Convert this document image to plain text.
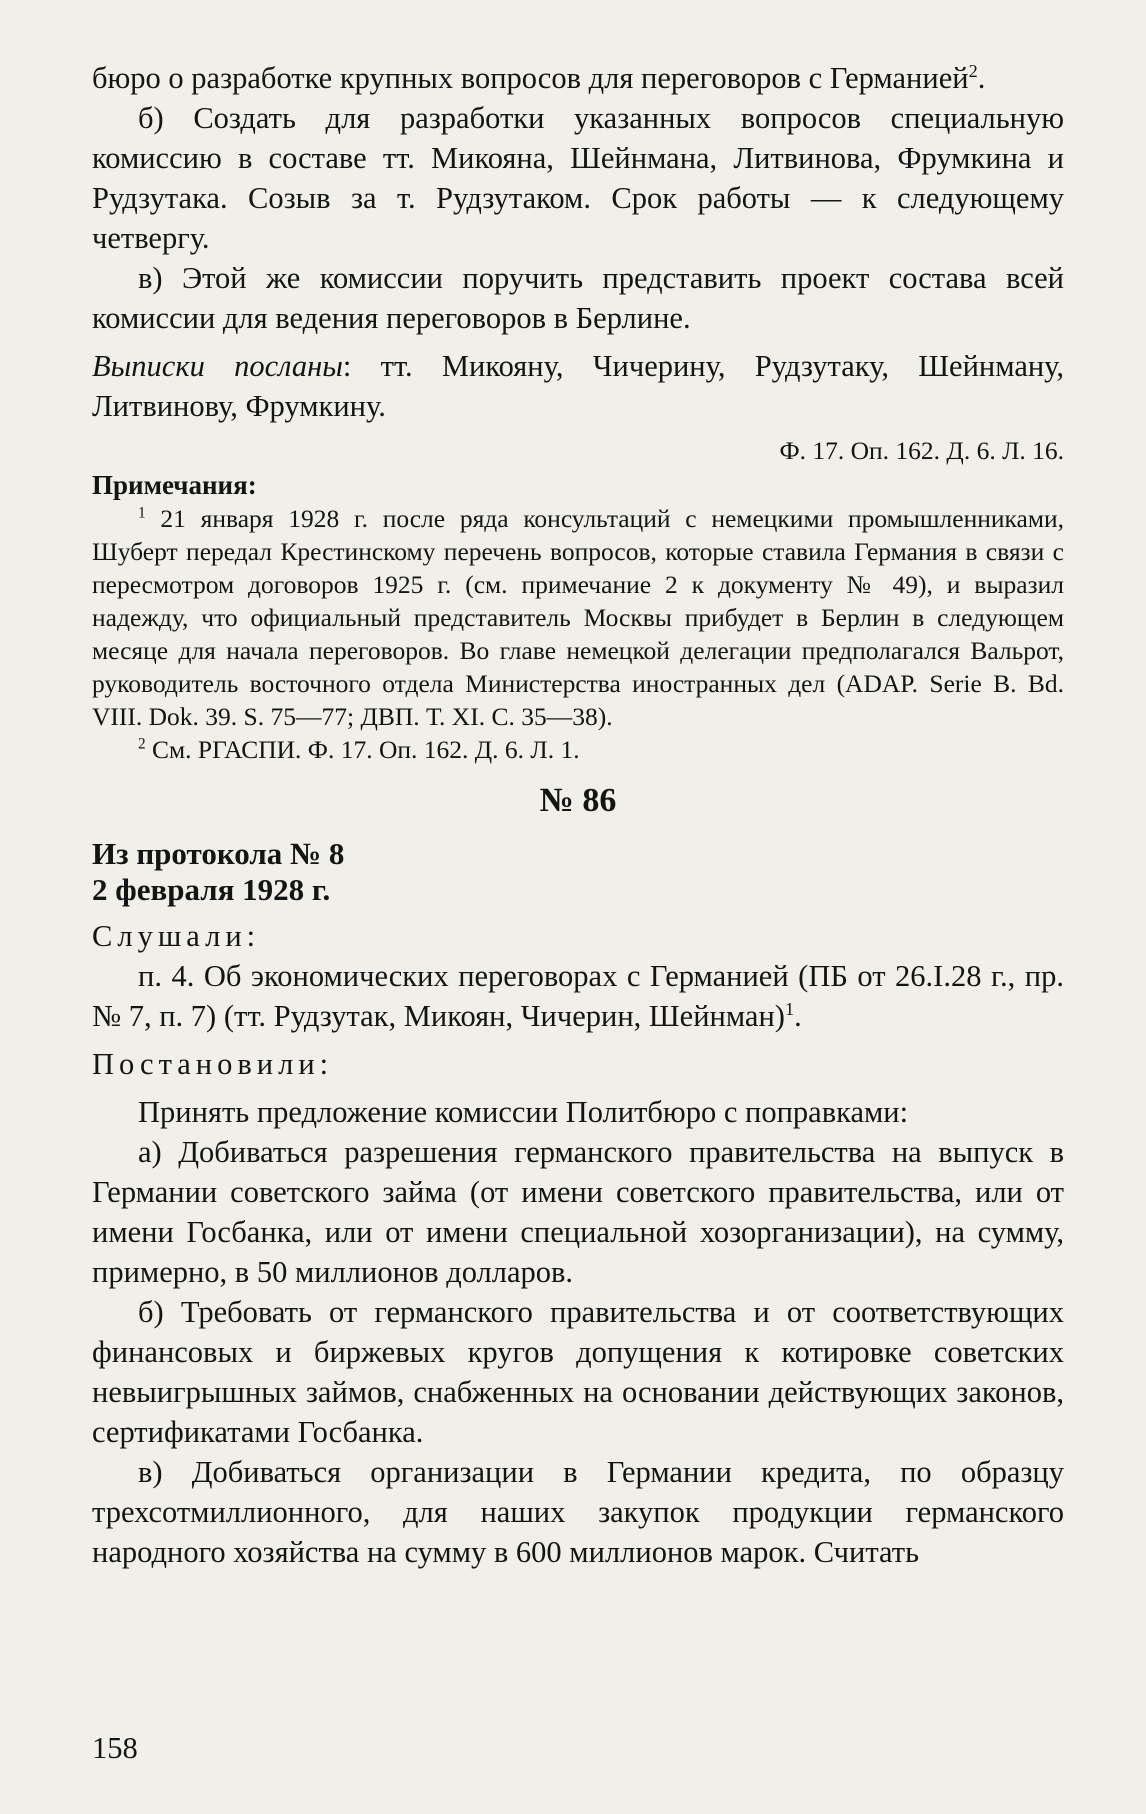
бюро о разработке крупных вопросов для переговоров с Германией$^2$.

б) Создать для разработки указанных вопросов специальную комиссию в составе тт. Микояна, Шейнмана, Литвинова, Фрумкина и Рудзутака. Созыв за т. Рудзутаком. Срок работы — к следующему четвергу.

в) Этой же комиссии поручить представить проект состава всей комиссии для ведения переговоров в Берлине.

Выписки посланы: тт. Микояну, Чичерину, Рудзутаку, Шейнману, Литвинову, Фрумкину.

Ф. 17. Оп. 162. Д. 6. Л. 16.

Примечания:

$^1$ 21 января 1928 г. после ряда консультаций с немецкими промышленниками, Шуберт передал Крестинскому перечень вопросов, которые ставила Германия в связи с пересмотром договоров 1925 г. (см. примечание 2 к документу № 49), и выразил надежду, что официальный представитель Москвы прибудет в Берлин в следующем месяце для начала переговоров. Во главе немецкой делегации предполагался Вальрот, руководитель восточного отдела Министерства иностранных дел (ADAP. Serie B. Bd. VIII. Dok. 39. S. 75—77; ДВП. Т. XI. С. 35—38).

$^2$ См. РГАСПИ. Ф. 17. Оп. 162. Д. 6. Л. 1.

№ 86

Из протокола № 8

2 февраля 1928 г.

Слушали:

п. 4. Об экономических переговорах с Германией (ПБ от 26.I.28 г., пр. № 7, п. 7) (тт. Рудзутак, Микоян, Чичерин, Шейнман)$^1$.

Постановили:

Принять предложение комиссии Политбюро с поправками:

а) Добиваться разрешения германского правительства на выпуск в Германии советского займа (от имени советского правительства, или от имени Госбанка, или от имени специальной хозорганизации), на сумму, примерно, в 50 миллионов долларов.

б) Требовать от германского правительства и от соответствующих финансовых и биржевых кругов допущения к котировке советских невыигрышных займов, снабженных на основании действующих законов, сертификатами Госбанка.

в) Добиваться организации в Германии кредита, по образцу трехсотмиллионного, для наших закупок продукции германского народного хозяйства на сумму в 600 миллионов марок. Считать

158
